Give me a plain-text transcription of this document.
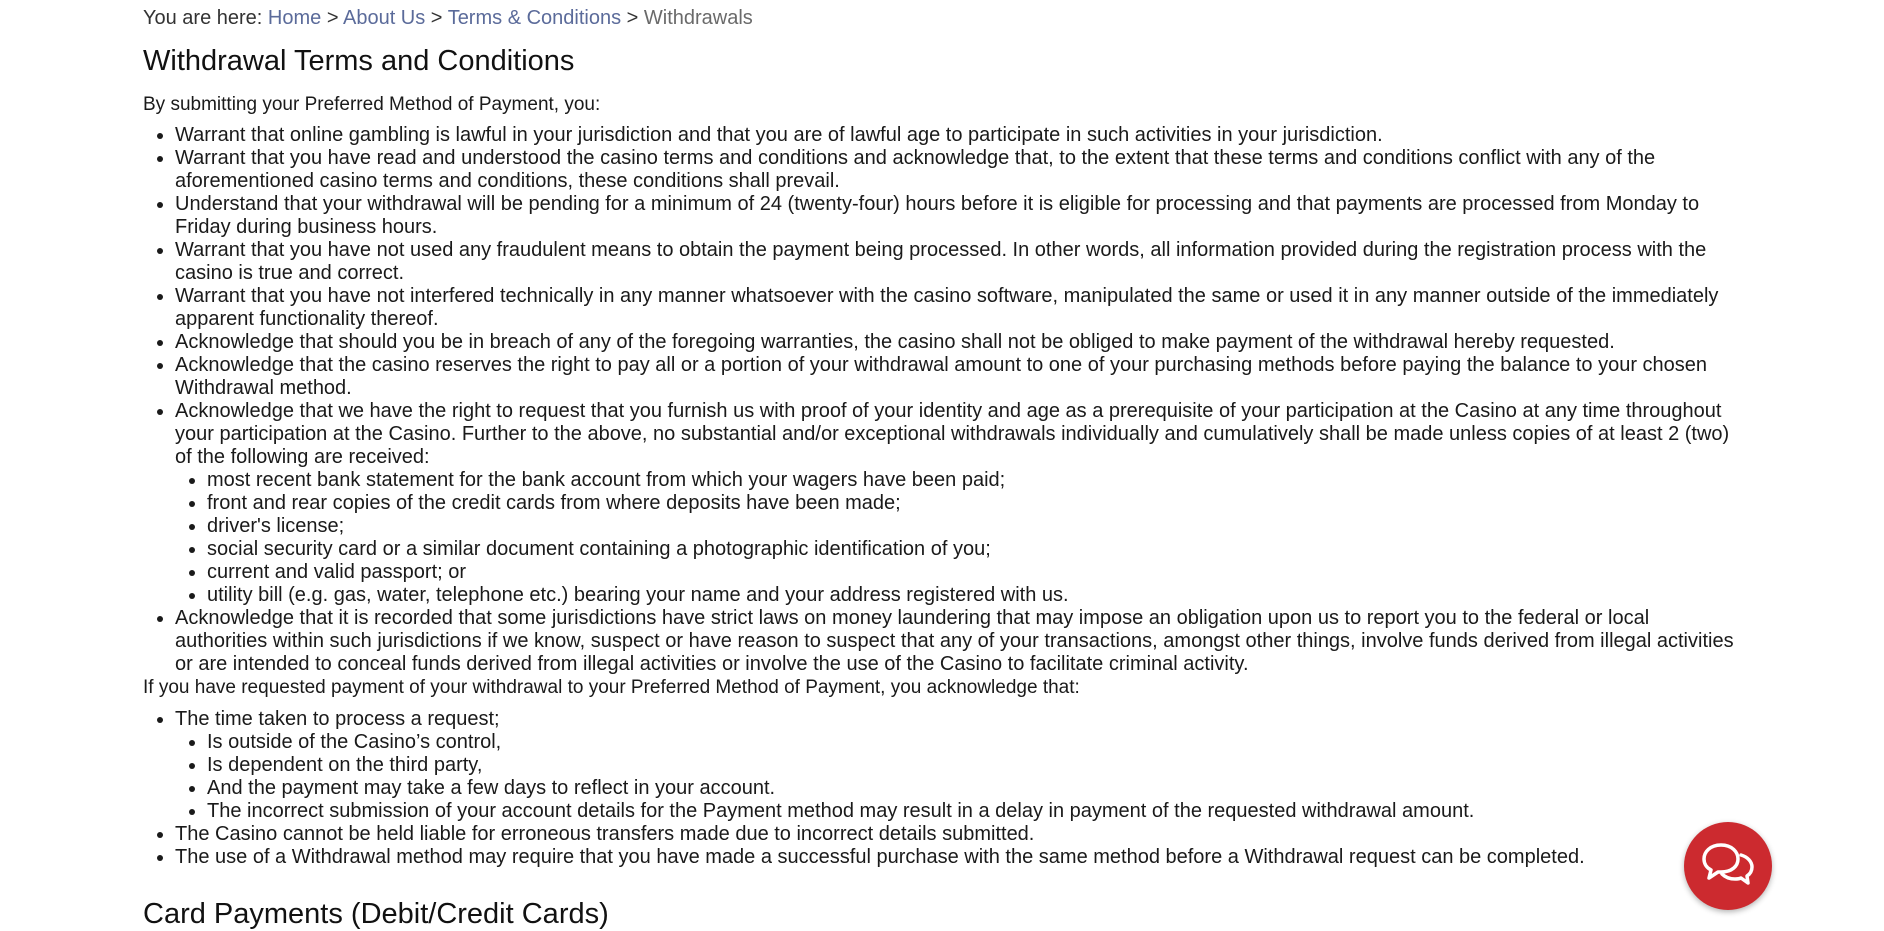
You are here: Home > About Us > Terms & Conditions > Withdrawals
Withdrawal Terms and Conditions

By submitting your Preferred Method of Payment, you:

• Warrant that online gambling is lawful in your jurisdiction and that you are of lawful age to participate in such activities in your jurisdiction.
• Warrant that you have read and understood the casino terms and conditions and acknowledge that, to the extent that these terms and conditions conflict with any of the aforementioned casino terms and conditions, these conditions shall prevail.
• Understand that your withdrawal will be pending for a minimum of 24 (twenty-four) hours before it is eligible for processing and that payments are processed from Monday to Friday during business hours.
• Warrant that you have not used any fraudulent means to obtain the payment being processed. In other words, all information provided during the registration process with the casino is true and correct.
• Warrant that you have not interfered technically in any manner whatsoever with the casino software, manipulated the same or used it in any manner outside of the immediately apparent functionality thereof.
• Acknowledge that should you be in breach of any of the foregoing warranties, the casino shall not be obliged to make payment of the withdrawal hereby requested.
• Acknowledge that the casino reserves the right to pay all or a portion of your withdrawal amount to one of your purchasing methods before paying the balance to your chosen Withdrawal method.
• Acknowledge that we have the right to request that you furnish us with proof of your identity and age as a prerequisite of your participation at the Casino at any time throughout your participation at the Casino. Further to the above, no substantial and/or exceptional withdrawals individually and cumulatively shall be made unless copies of at least 2 (two) of the following are received:
• most recent bank statement for the bank account from which your wagers have been paid;
• front and rear copies of the credit cards from where deposits have been made;
• driver's license;
• social security card or a similar document containing a photographic identification of you;
• current and valid passport; or
• utility bill (e.g. gas, water, telephone etc.) bearing your name and your address registered with us.
• Acknowledge that it is recorded that some jurisdictions have strict laws on money laundering that may impose an obligation upon us to report you to the federal or local authorities within such jurisdictions if we know, suspect or have reason to suspect that any of your transactions, amongst other things, involve funds derived from illegal activities or are intended to conceal funds derived from illegal activities or involve the use of the Casino to facilitate criminal activity.

If you have requested payment of your withdrawal to your Preferred Method of Payment, you acknowledge that:

• The time taken to process a request;
• Is outside of the Casino’s control,
• Is dependent on the third party,
• And the payment may take a few days to reflect in your account.
• The incorrect submission of your account details for the Payment method may result in a delay in payment of the requested withdrawal amount.
• The Casino cannot be held liable for erroneous transfers made due to incorrect details submitted.
• The use of a Withdrawal method may require that you have made a successful purchase with the same method before a Withdrawal request can be completed.
Card Payments (Debit/Credit Cards)
